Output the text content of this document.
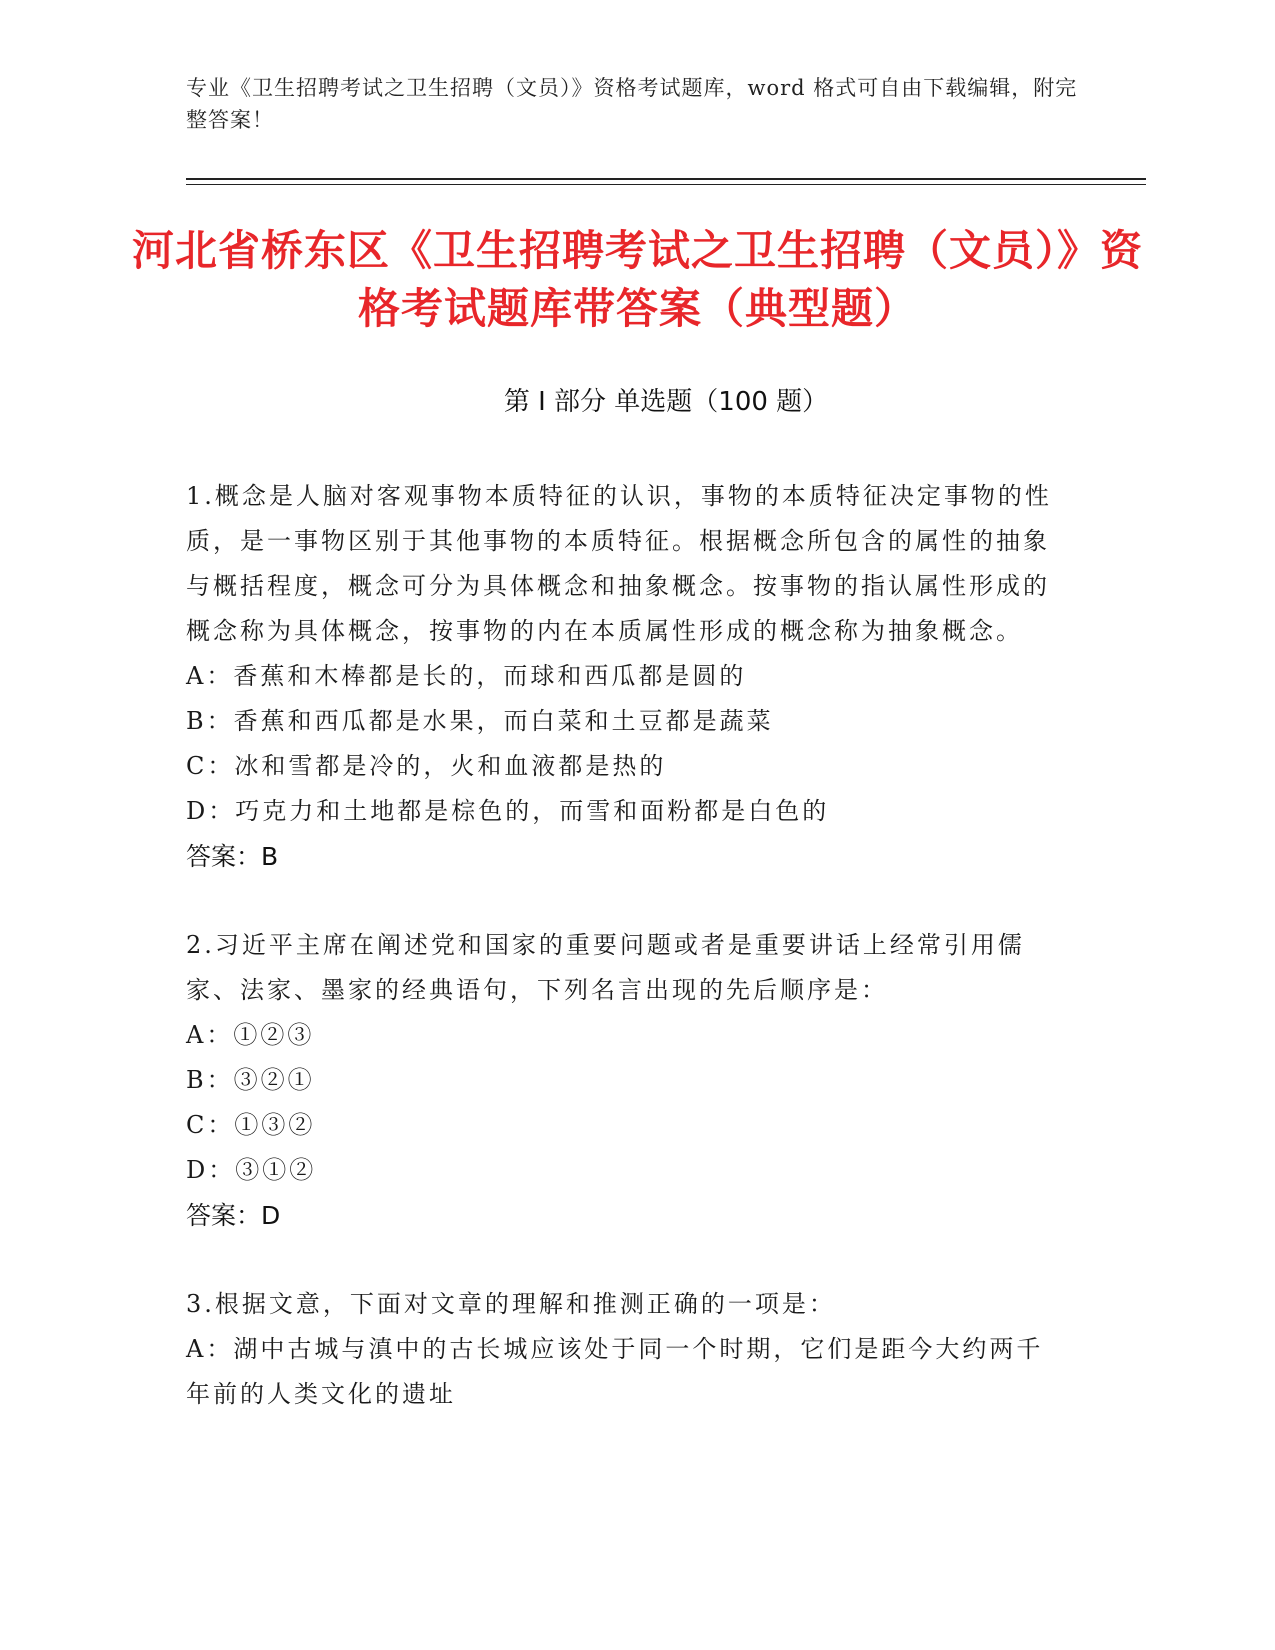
专业《卫生招聘考试之卫生招聘（文员）》资格考试题库，word 格式可自由下载编辑，附完整答案！
河北省桥东区《卫生招聘考试之卫生招聘（文员）》资格考试题库带答案（典型题）
第 I 部分 单选题（100 题）

1.概念是人脑对客观事物本质特征的认识，事物的本质特征决定事物的性质，是一事物区别于其他事物的本质特征。根据概念所包含的属性的抽象与概括程度，概念可分为具体概念和抽象概念。按事物的指认属性形成的概念称为具体概念，按事物的内在本质属性形成的概念称为抽象概念。

A：香蕉和木棒都是长的，而球和西瓜都是圆的

B：香蕉和西瓜都是水果，而白菜和土豆都是蔬菜

C：冰和雪都是冷的，火和血液都是热的

D：巧克力和土地都是棕色的，而雪和面粉都是白色的

答案：B

2.习近平主席在阐述党和国家的重要问题或者是重要讲话上经常引用儒家、法家、墨家的经典语句，下列名言出现的先后顺序是：

A：①②③

B：③②①

C：①③②

D：③①②

答案：D

3.根据文意，下面对文章的理解和推测正确的一项是：

A：湖中古城与滇中的古长城应该处于同一个时期，它们是距今大约两千年前的人类文化的遗址
